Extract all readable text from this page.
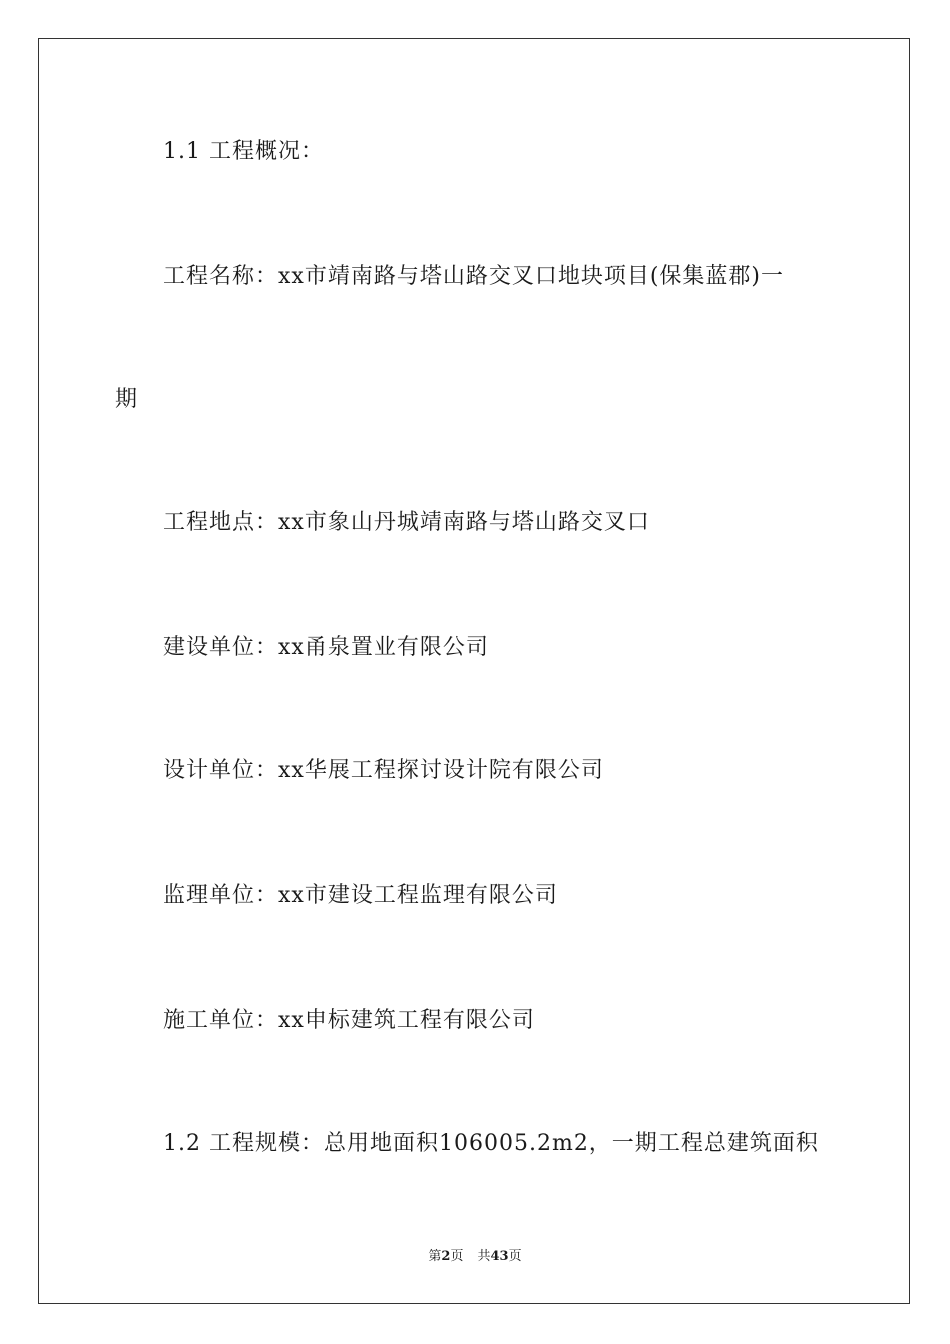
1.1 工程概况：
工程名称：xx市靖南路与塔山路交叉口地块项目(保集蓝郡)一
期
工程地点：xx市象山丹城靖南路与塔山路交叉口
建设单位：xx甬泉置业有限公司
设计单位：xx华展工程探讨设计院有限公司
监理单位：xx市建设工程监理有限公司
施工单位：xx申标建筑工程有限公司
1.2 工程规模：总用地面积106005.2m2，一期工程总建筑面积
第2页 共43页
